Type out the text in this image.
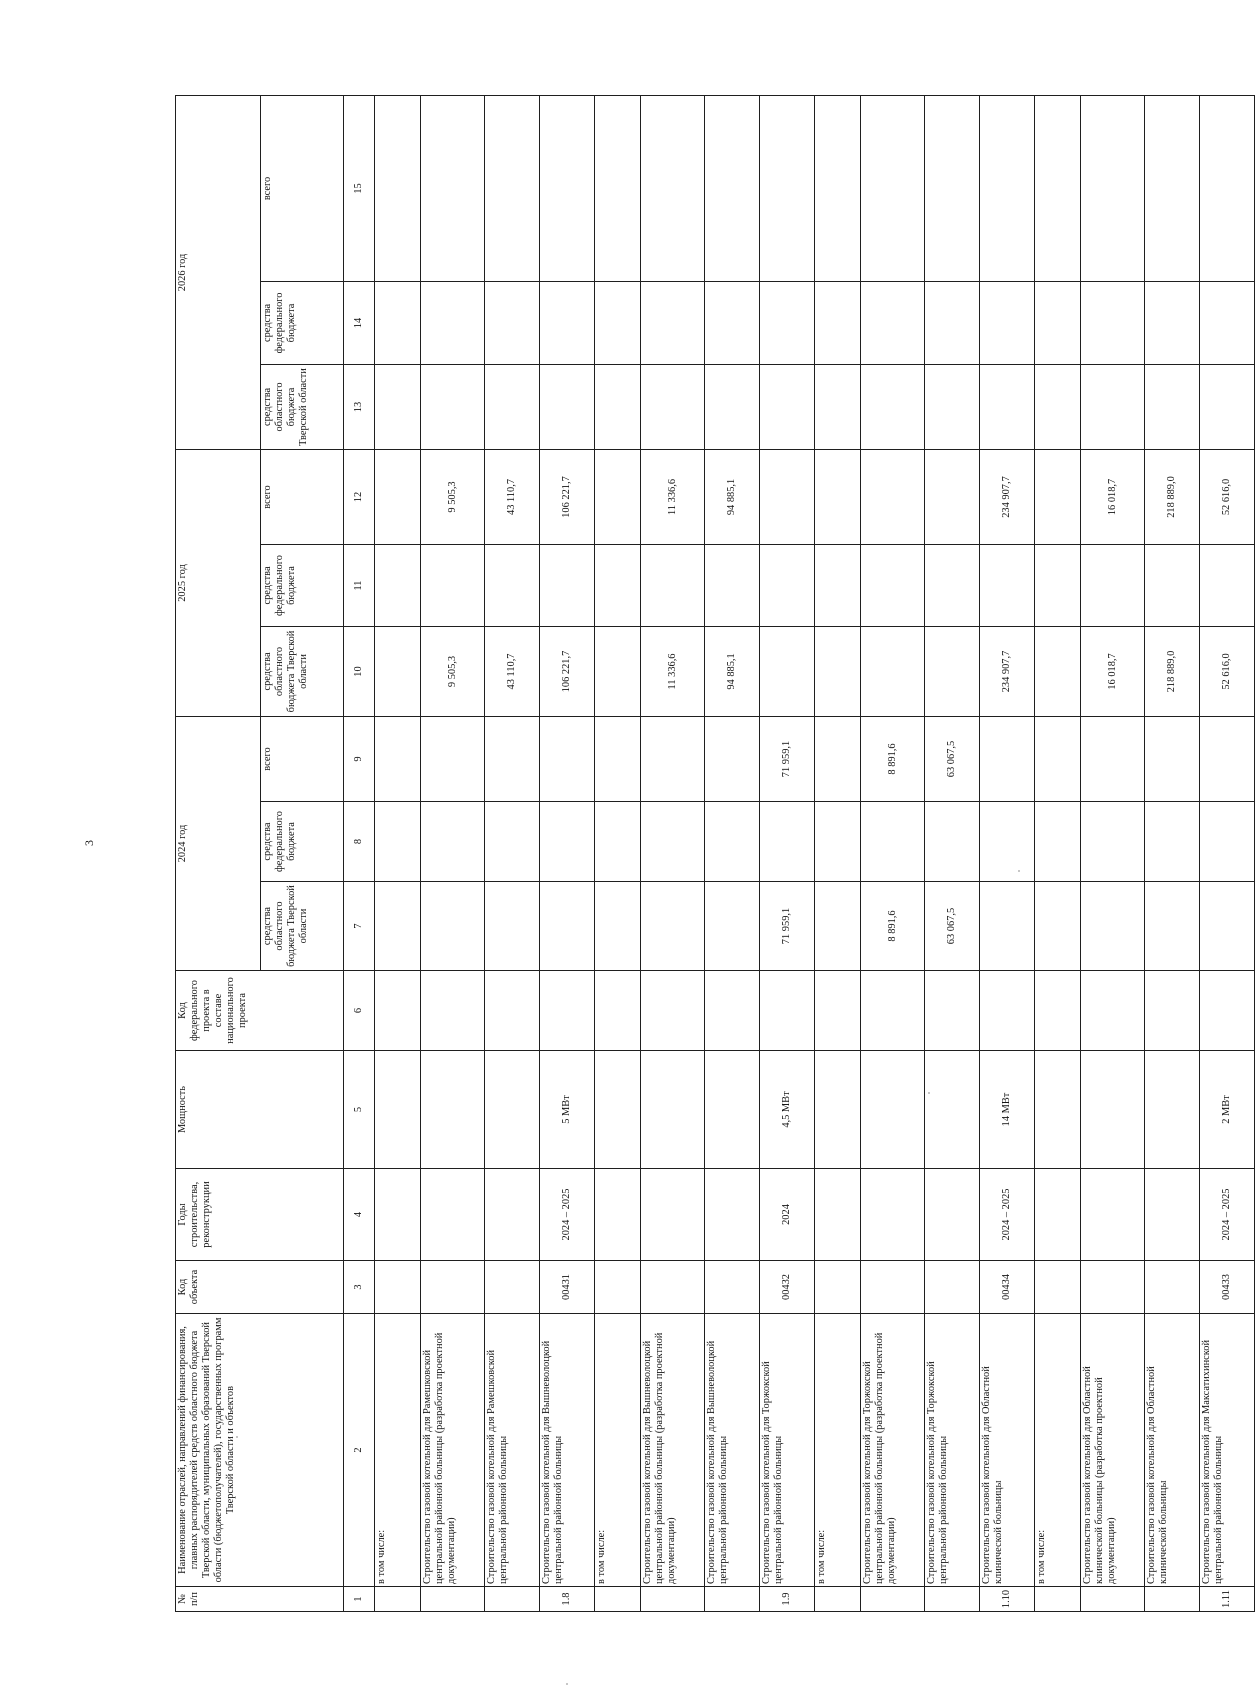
3
№ п/п	Наименование отраслей, направлений финансирования, главных распорядителей средств областного бюджета Тверской области, муниципальных образований Тверской области (бюджетополучателей), государственных программ Тверской области и объектов	Код объекта	Годы строительства, реконструкции	Мощность	Код федерального проекта в составе национального проекта	2024 год			2025 год			2026 год		
						средства областного бюджета Тверской области	средства федерального бюджета	всего	средства областного бюджета Тверской области	средства федерального бюджета	всего	средства областного бюджета Тверской области	средства федерального бюджета	всего
1	2	3	4	5	6	7	8	9	10	11	12	13	14	15
	в том числе:													
	Строительство газовой котельной для Рамешковской центральной районной больницы (разработка проектной документации)								9 505,3		9 505,3			
	Строительство газовой котельной для Рамешковской центральной районной больницы								43 110,7		43 110,7			
1.8	Строительство газовой котельной для Вышневолоцкой центральной районной больницы	00431	2024 – 2025	5 МВт					106 221,7		106 221,7			
	в том числе:													
	Строительство газовой котельной для Вышневолоцкой центральной районной больницы (разработка проектной документации)								11 336,6		11 336,6			
	Строительство газовой котельной для Вышневолоцкой центральной районной больницы								94 885,1		94 885,1			
1.9	Строительство газовой котельной для Торжокской центральной районной больницы	00432	2024	4,5 МВт		71 959,1		71 959,1						
	в том числе:													
	Строительство газовой котельной для Торжокской центральной районной больницы (разработка проектной документации)					8 891,6		8 891,6						
	Строительство газовой котельной для Торжокской центральной районной больницы					63 067,5		63 067,5						
1.10	Строительство газовой котельной для Областной клинической больницы	00434	2024 – 2025	14 МВт					234 907,7		234 907,7			
	в том числе:													
	Строительство газовой котельной для Областной клинической больницы (разработка проектной документации)								16 018,7		16 018,7			
	Строительство газовой котельной для Областной клинической больницы								218 889,0		218 889,0			
1.11	Строительство газовой котельной для Максатихинской центральной районной больницы	00433	2024 – 2025	2 МВт					52 616,0		52 616,0			
